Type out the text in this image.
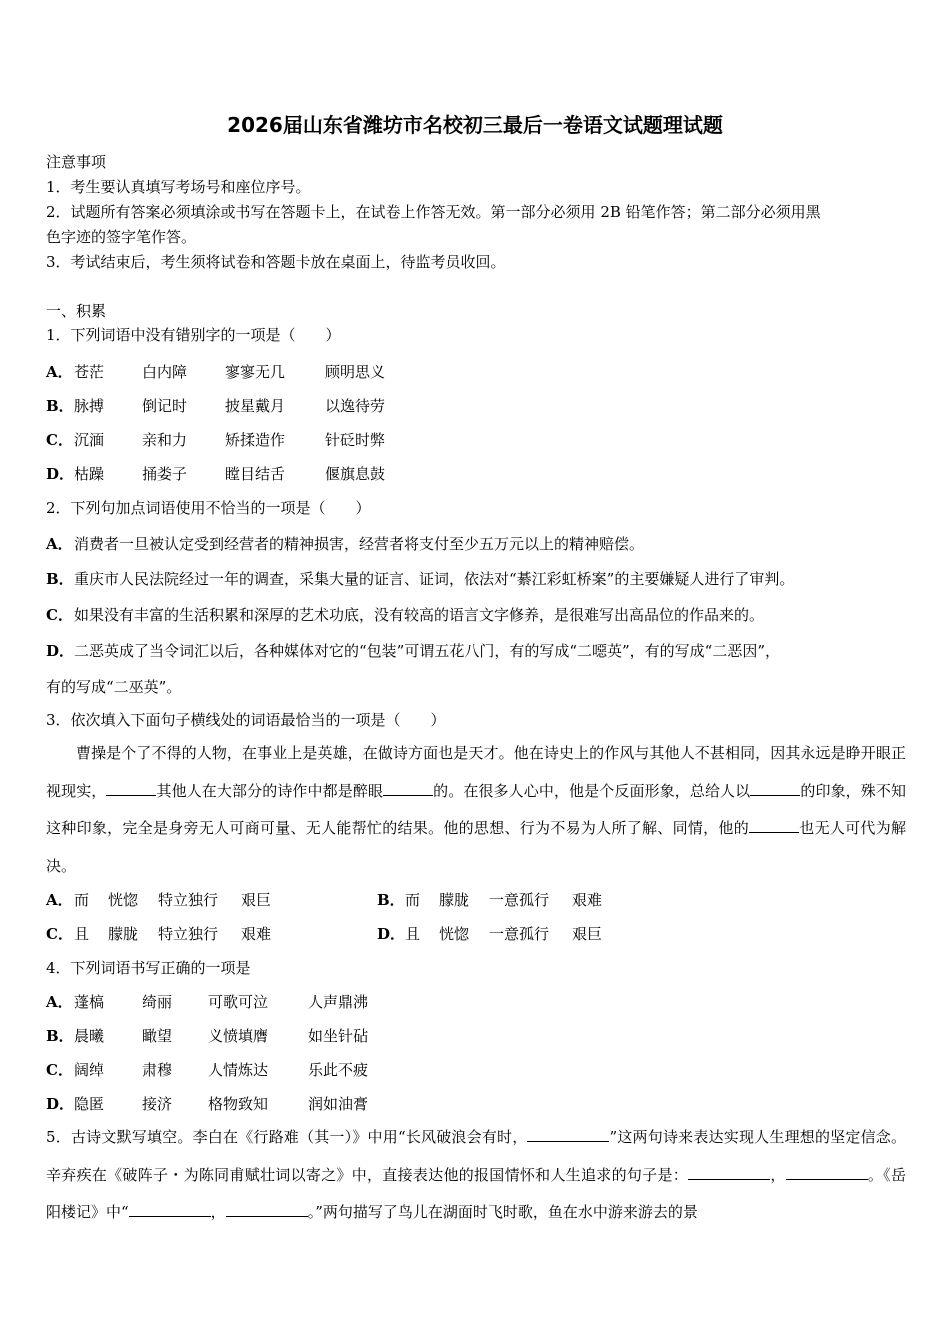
2026届山东省潍坊市名校初三最后一卷语文试题理试题
注意事项
1．考生要认真填写考场号和座位序号。
2．试题所有答案必须填涂或书写在答题卡上，在试卷上作答无效。第一部分必须用 2B 铅笔作答；第二部分必须用黑
色字迹的签字笔作答。
3．考试结束后，考生须将试卷和答题卡放在桌面上，待监考员收回。
一、积累
1．下列词语中没有错别字的一项是（　　）
A．苍茫	白内障	寥寥无几	顾明思义
B．脉搏	倒记时	披星戴月	以逸待劳
C．沉湎	亲和力	矫揉造作	针砭时弊
D．枯躁	捅娄子	瞠目结舌	偃旗息鼓
2．下列句加点词语使用不恰当的一项是（　　）
A．消费者一旦被认定受到经营者的精神损害，经营者将支付至少五万元以上的精神赔偿。
B．重庆市人民法院经过一年的调查，采集大量的证言、证词，依法对“綦江彩虹桥案”的主要嫌疑人进行了审判。
C．如果没有丰富的生活积累和深厚的艺术功底，没有较高的语言文字修养，是很难写出高品位的作品来的。
D．二恶英成了当令词汇以后，各种媒体对它的“包装”可谓五花八门，有的写成“二噁英”，有的写成“二恶因”，
有的写成“二巫英”。
3．依次填入下面句子横线处的词语最恰当的一项是（　　）
曹操是个了不得的人物，在事业上是英雄，在做诗方面也是天才。他在诗史上的作风与其他人不甚相同，因其永远是睁开眼正视现实，	其他人在大部分的诗作中都是醉眼	的。在很多人心中，他是个反面形象，总给人以	的印象，殊不知这种印象，完全是身旁无人可商可量、无人能帮忙的结果。他的思想、行为不易为人所了解、同情，他的	也无人可代为解决。
A．而 恍惚 特立独行 艰巨	B．而 朦胧 一意孤行 艰难
C．且 朦胧 特立独行 艰难	D．且 恍惚 一意孤行 艰巨
4．下列词语书写正确的一项是
A．蓬槁	绮丽 可歌可泣	人声鼎沸
B．晨曦	瞰望 义愤填膺	如坐针砧
C．阔绰	肃穆 人情炼达	乐此不疲
D．隐匿	接济 格物致知	润如油膏
5．古诗文默写填空。李白在《行路难（其一）》中用“长风破浪会有时，	”这两句诗来表达实现人生理想的坚定信念。辛弃疾在《破阵子・为陈同甫赋壮词以寄之》中，直接表达他的报国情怀和人生追求的句子是：	，	。《岳阳楼记》中“	，	。”两句描写了鸟儿在湖面时飞时歌，鱼在水中游来游去的景
